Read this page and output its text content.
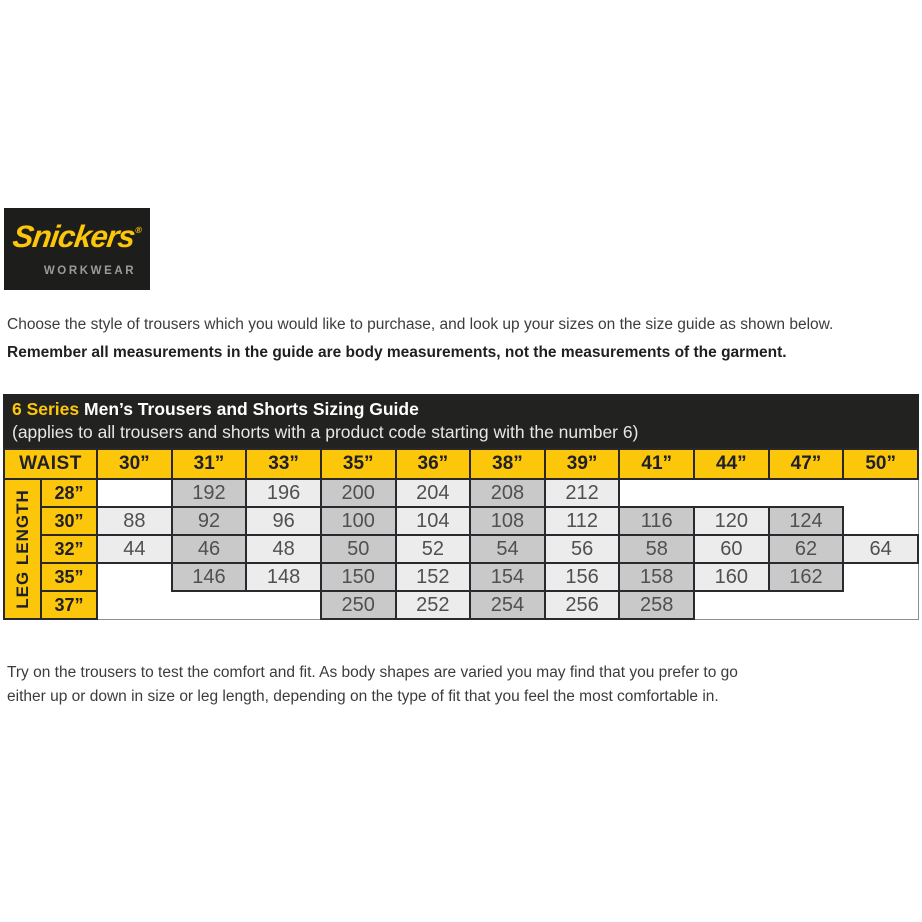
Snickers®
WORKWEAR

Choose the style of trousers which you would like to purchase, and look up your sizes on the size guide as shown below.

Remember all measurements in the guide are body measurements, not the measurements of the garment.

6 Series Men’s Trousers and Shorts Sizing Guide
(applies to all trousers and shorts with a product code starting with the number 6)
WAIST		30”	31”	33”	35”	36”	38”	39”	41”	44”	47”	50”

LEG LENGTH	28”		192	196	200	204	208	212				
	30”	88	92	96	100	104	108	112	116	120	124	
	32”	44	46	48	50	52	54	56	58	60	62	64
	35”		146	148	150	152	154	156	158	160	162	
	37”				250	252	254	256	258			

Try on the trousers to test the comfort and fit. As body shapes are varied you may find that you prefer to go
either up or down in size or leg length, depending on the type of fit that you feel the most comfortable in.
